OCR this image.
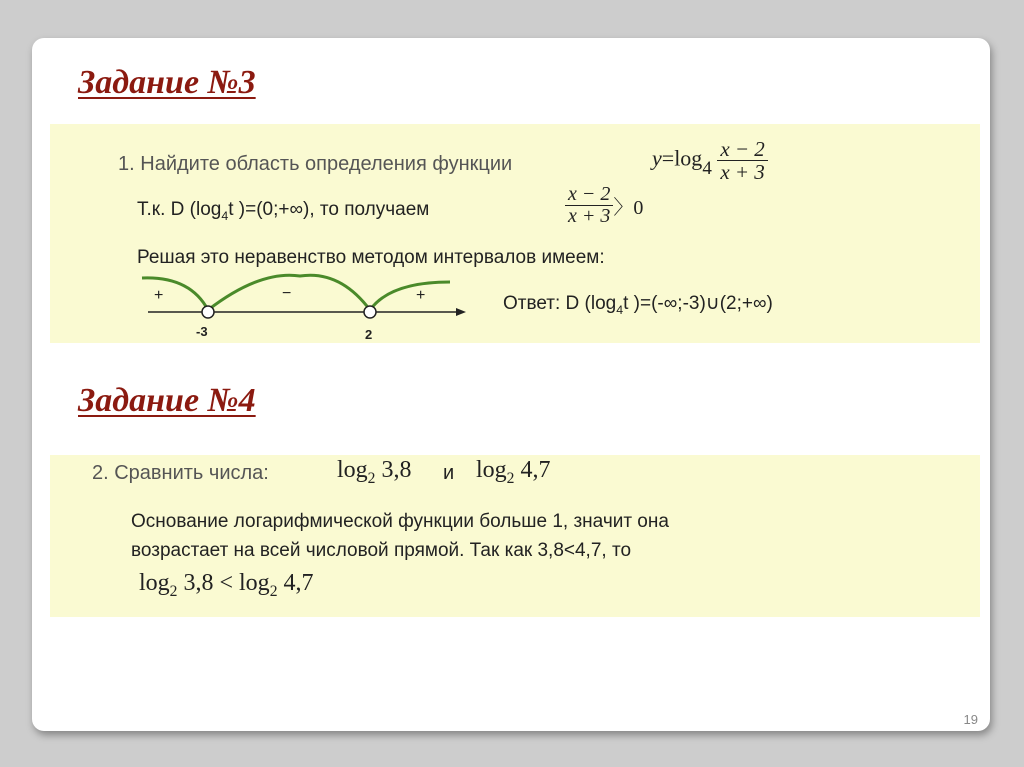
Задание №3
1. Найдите область определения функции	$y=\log 4 \frac{x - 2}{x + 3}$
Т.к. D ($\log_4t$ )=(0;+∞), то получаем	$\frac{x - 2}{x + 3}$ 〉0
Решая это неравенство методом интервалов имеем:
+	−	+
-3	2
Ответ: D ($\log_4t$ )=(-∞;-3)∪(2;+∞)
Задание №4
2. Сравнить числа:	$\log_2 3,8$ и $\log_2 4,7$
Основание логарифмической функции больше 1, значит она
возрастает на всей числовой прямой. Так как 3,8<4,7, то
$\log_2 3,8 < \log_2 4,7$
19
